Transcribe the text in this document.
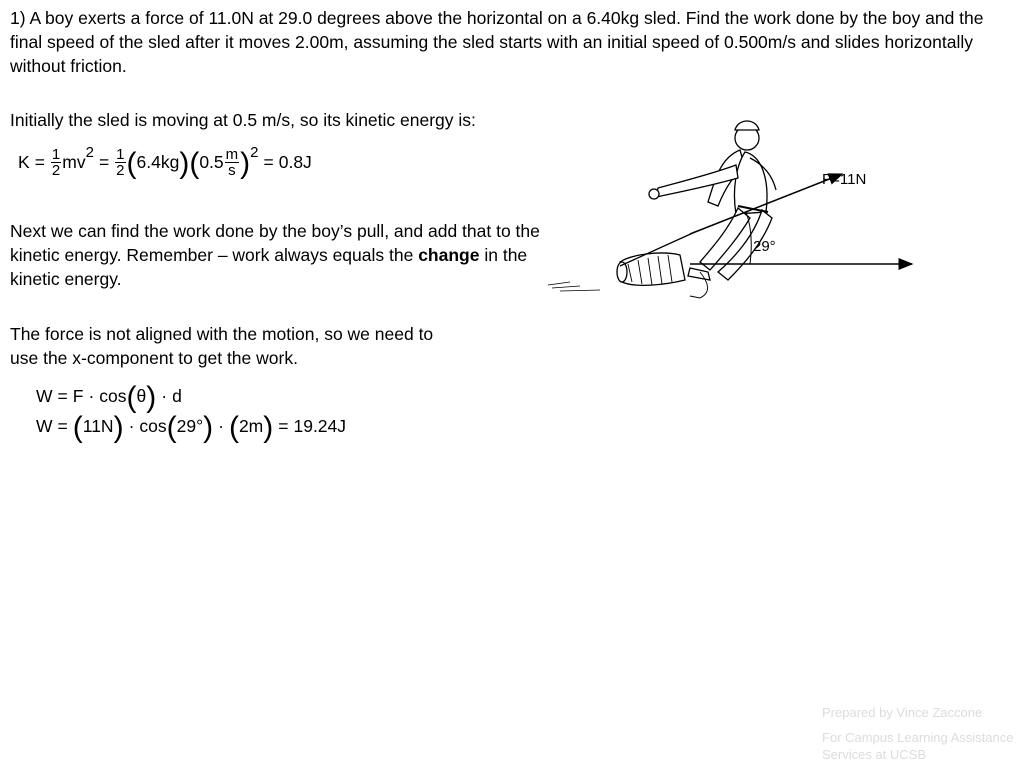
1) A boy exerts a force of 11.0N at 29.0 degrees above the horizontal on a 6.40kg sled. Find the work done by the boy and the final speed of the sled after it moves 2.00m, assuming the sled starts with an initial speed of 0.500m/s and slides horizontally without friction.
Initially the sled is moving at 0.5 m/s, so its kinetic energy is:
$K = \frac{1}{2}$ mv $2 = \frac{1}{2}$ ( 6.4kg ) ( $0.5 \frac{m}{s}$ ) 2 = 0.8J
Next we can find the work done by the boy’s pull, and add that to the kinetic energy. Remember – work always equals the change in the kinetic energy.
The force is not aligned with the motion, so we need to use the x-component to get the work.
W = F · cos ( θ ) · d
W = ( 11N ) · cos ( 29° ) · ( 2m ) = 19.24J
F=11N
29°
Prepared by Vince Zaccone
For Campus Learning Assistance Services at UCSB
